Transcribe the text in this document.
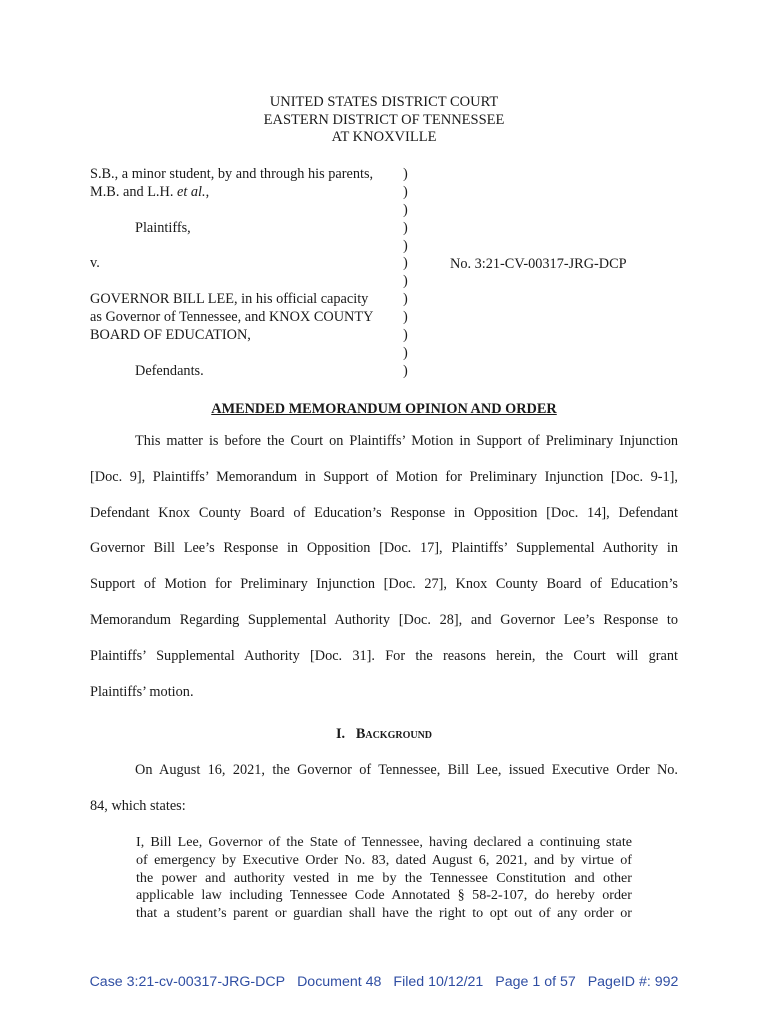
UNITED STATES DISTRICT COURT
EASTERN DISTRICT OF TENNESSEE
AT KNOXVILLE
S.B., a minor student, by and through his parents,
M.B. and L.H. et al.,
Plaintiffs,
v.
GOVERNOR BILL LEE, in his official capacity
as Governor of Tennessee, and KNOX COUNTY
BOARD OF EDUCATION,
Defendants.
)
)
)
)
)
)
)
)
)
)
)
)
No. 3:21-CV-00317-JRG-DCP
AMENDED MEMORANDUM OPINION AND ORDER
This matter is before the Court on Plaintiffs’ Motion in Support of Preliminary Injunction
[Doc. 9], Plaintiffs’ Memorandum in Support of Motion for Preliminary Injunction [Doc. 9-1],
Defendant Knox County Board of Education’s Response in Opposition [Doc. 14], Defendant
Governor Bill Lee’s Response in Opposition [Doc. 17], Plaintiffs’ Supplemental Authority in
Support of Motion for Preliminary Injunction [Doc. 27], Knox County Board of Education’s
Memorandum Regarding Supplemental Authority [Doc. 28], and Governor Lee’s Response to
Plaintiffs’ Supplemental Authority [Doc. 31]. For the reasons herein, the Court will grant
Plaintiffs’ motion.
I. Background
On August 16, 2021, the Governor of Tennessee, Bill Lee, issued Executive Order No.
84, which states:
I, Bill Lee, Governor of the State of Tennessee, having declared a continuing state
of emergency by Executive Order No. 83, dated August 6, 2021, and by virtue of
the power and authority vested in me by the Tennessee Constitution and other
applicable law including Tennessee Code Annotated § 58-2-107, do hereby order
that a student’s parent or guardian shall have the right to opt out of any order or
Case 3:21-cv-00317-JRG-DCP Document 48 Filed 10/12/21 Page 1 of 57 PageID #: 992
